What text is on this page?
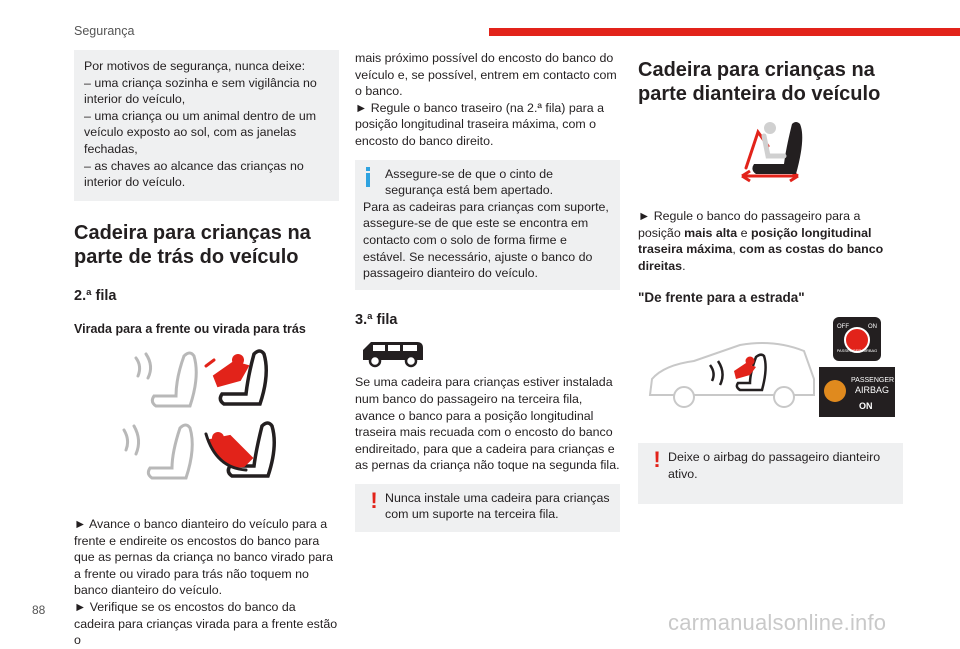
Segurança

Por motivos de segurança, nunca deixe:

– uma criança sozinha e sem vigilância no interior do veículo,

– uma criança ou um animal dentro de um veículo exposto ao sol, com as janelas fechadas,

– as chaves ao alcance das crianças no interior do veículo.

Cadeira para crianças na parte de trás do veículo
2.ª fila
Virada para a frente ou virada para trás

► Avance o banco dianteiro do veículo para a frente e endireite os encostos do banco para que as pernas da criança no banco virado para a frente ou virado para trás não toquem no banco dianteiro do veículo.

► Verifique se os encostos do banco da cadeira para crianças virada para a frente estão o

mais próximo possível do encosto do banco do veículo e, se possível, entrem em contacto com o banco.

► Regule o banco traseiro (na 2.ª fila) para a posição longitudinal traseira máxima, com o encosto do banco direito.

Assegure-se de que o cinto de segurança está bem apertado.

Para as cadeiras para crianças com suporte, assegure-se de que este se encontra em contacto com o solo de forma firme e estável. Se necessário, ajuste o banco do passageiro dianteiro do veículo.

3.ª fila

Se uma cadeira para crianças estiver instalada num banco do passageiro na terceira fila, avance o banco para a posição longitudinal traseira mais recuada com o encosto do banco endireitado, para que a cadeira para crianças e as pernas da criança não toque na segunda fila.

! Nunca instale uma cadeira para crianças com um suporte na terceira fila.

Cadeira para crianças na parte dianteira do veículo

► Regule o banco do passageiro para a posição mais alta e posição longitudinal traseira máxima, com as costas do banco direitas.

"De frente para a estrada"
OFF	ON
PASSENGER AIRBAG
PASSENGER
AIRBAG
ON
! Deixe o airbag do passageiro dianteiro ativo.

88	carmanualsonline.info
